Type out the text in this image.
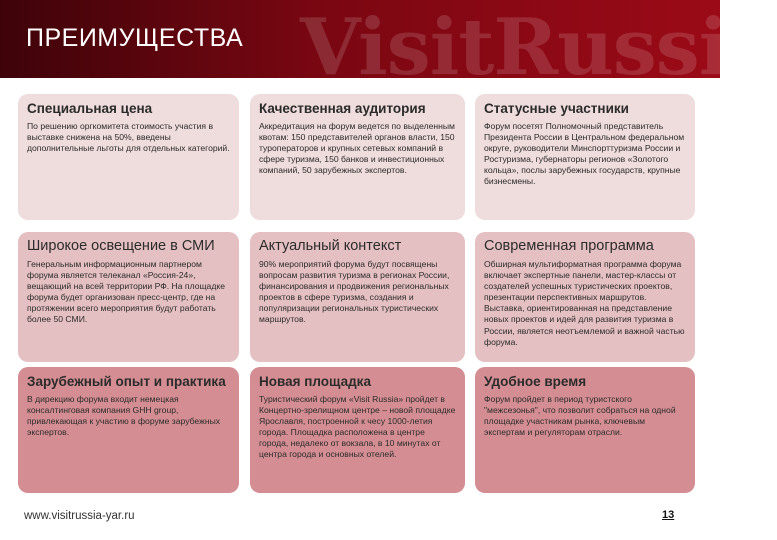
VisitRussia
ПРЕИМУЩЕСТВА
Специальная цена
По решению оргкомитета стоимость участия в выставке снижена на 50%, введены дополнительные льготы для отдельных категорий.
Качественная аудитория
Аккредитация на форум ведется по выделенным квотам: 150 представителей органов власти, 150 туроператоров и крупных сетевых компаний в сфере туризма, 150 банков и инвестиционных компаний, 50 зарубежных экспертов.
Статусные участники
Форум посетят Полномочный представитель Президента России в Центральном федеральном округе, руководители Минспорттуризма России и Ростуризма, губернаторы регионов «Золотого кольца», послы зарубежных государств, крупные бизнесмены.
Широкое освещение в СМИ
Генеральным информационным партнером форума является телеканал «Россия-24», вещающий на всей территории РФ. На площадке форума будет организован пресс-центр, где на протяжении всего мероприятия будут работать более 50 СМИ.
Актуальный контекст
90% мероприятий форума будут посвящены вопросам развития туризма в регионах России, финансирования и продвижения региональных проектов в сфере туризма, создания и популяризации региональных туристических маршрутов.
Современная программа
Обширная мультиформатная программа форума включает экспертные панели, мастер-классы от создателей успешных туристических проектов, презентации перспективных маршрутов. Выставка, ориентированная на представление новых проектов и идей для развития туризма в России, является неотъемлемой и важной частью форума.
Зарубежный опыт и практика
В дирекцию форума входит немецкая консалтинговая компания GHH group, привлекающая к участию в форуме зарубежных экспертов.
Новая площадка
Туристический форум «Visit Russia» пройдет в Концертно-зрелищном центре – новой площадке Ярославля, построенной к чесу 1000-летия города. Площадка расположена в центре города, недалеко от вокзала, в 10 минутах от центра города и основных отелей.
Удобное время
Форум пройдет в период туристского "межсезонья", что позволит собраться на одной площадке участникам рынка, ключевым экспертам и регуляторам отрасли.
www.visitrussia-yar.ru	13
